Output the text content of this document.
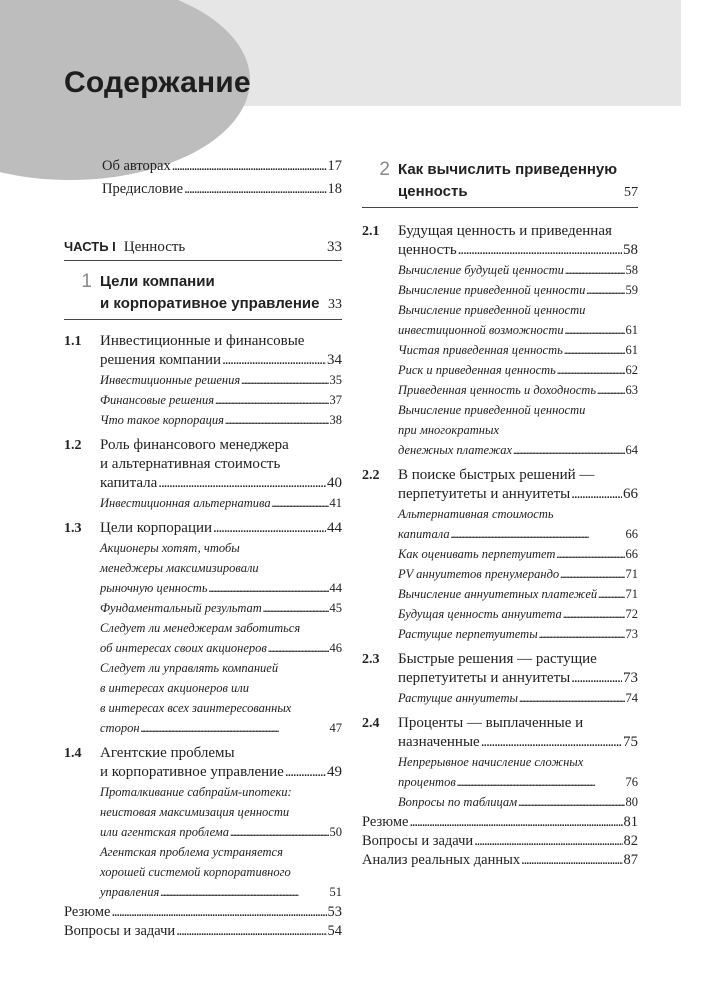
Содержание
Об авторах . . .	17
Предисловие . . .	18
ЧАСТЬ I Ценность	33
1 Цели компании
и корпоративное управление 33
1.1	Инвестиционные и финансовые
решения компании . . .	34
Инвестиционные решения . . .	35
Финансовые решения . . .	37
Что такое корпорация . . .	38
1.2	Роль финансового менеджера
и альтернативная стоимость
капитала . . .	40
Инвестиционная альтернатива . . .	41
1.3	Цели корпорации . . .	44
Акционеры хотят, чтобы
менеджеры максимизировали
рыночную ценность . . .	44
Фундаментальный результат . . .	45
Следует ли менеджерам заботиться
об интересах своих акционеров . . .	46
Следует ли управлять компанией
в интересах акционеров или
в интересах всех заинтересованных
сторон . . .	47
1.4	Агентские проблемы
и корпоративное управление . . .	49
Проталкивание сабпрайм-ипотеки:
неистовая максимизация ценности
или агентская проблема . . .	50
Агентская проблема устраняется
хорошей системой корпоративного
управления . . .	51
Резюме . . .	53
Вопросы и задачи . . .	54
2 Как вычислить приведенную
ценность	57
2.1	Будущая ценность и приведенная
ценность . . .	58
Вычисление будущей ценности . . .	58
Вычисление приведенной ценности . . .	59
Вычисление приведенной ценности
инвестиционной возможности . . .	61
Чистая приведенная ценность . . .	61
Риск и приведенная ценность . . .	62
Приведенная ценность и доходность . . . 63
Вычисление приведенной ценности
при многократных
денежных платежах . . .	64
2.2	В поиске быстрых решений —
перпетуитеты и аннуитеты . . .	66
Альтернативная стоимость
капитала . . .	66
Как оценивать перпетуитет . . .	66
PV аннуитетов пренумерандо . . .	71
Вычисление аннуитетных платежей . . . 71
Будущая ценность аннуитета . . .	72
Растущие перпетуитеты . . .	73
2.3	Быстрые решения — растущие
перпетуитеты и аннуитеты . . .	73
Растущие аннуитеты . . .	74
2.4	Проценты — выплаченные и
назначенные . . .	75
Непрерывное начисление сложных
процентов . . .	76
Вопросы по таблицам . . .	80
Резюме . . .	81
Вопросы и задачи . . .	82
Анализ реальных данных . . .	87
